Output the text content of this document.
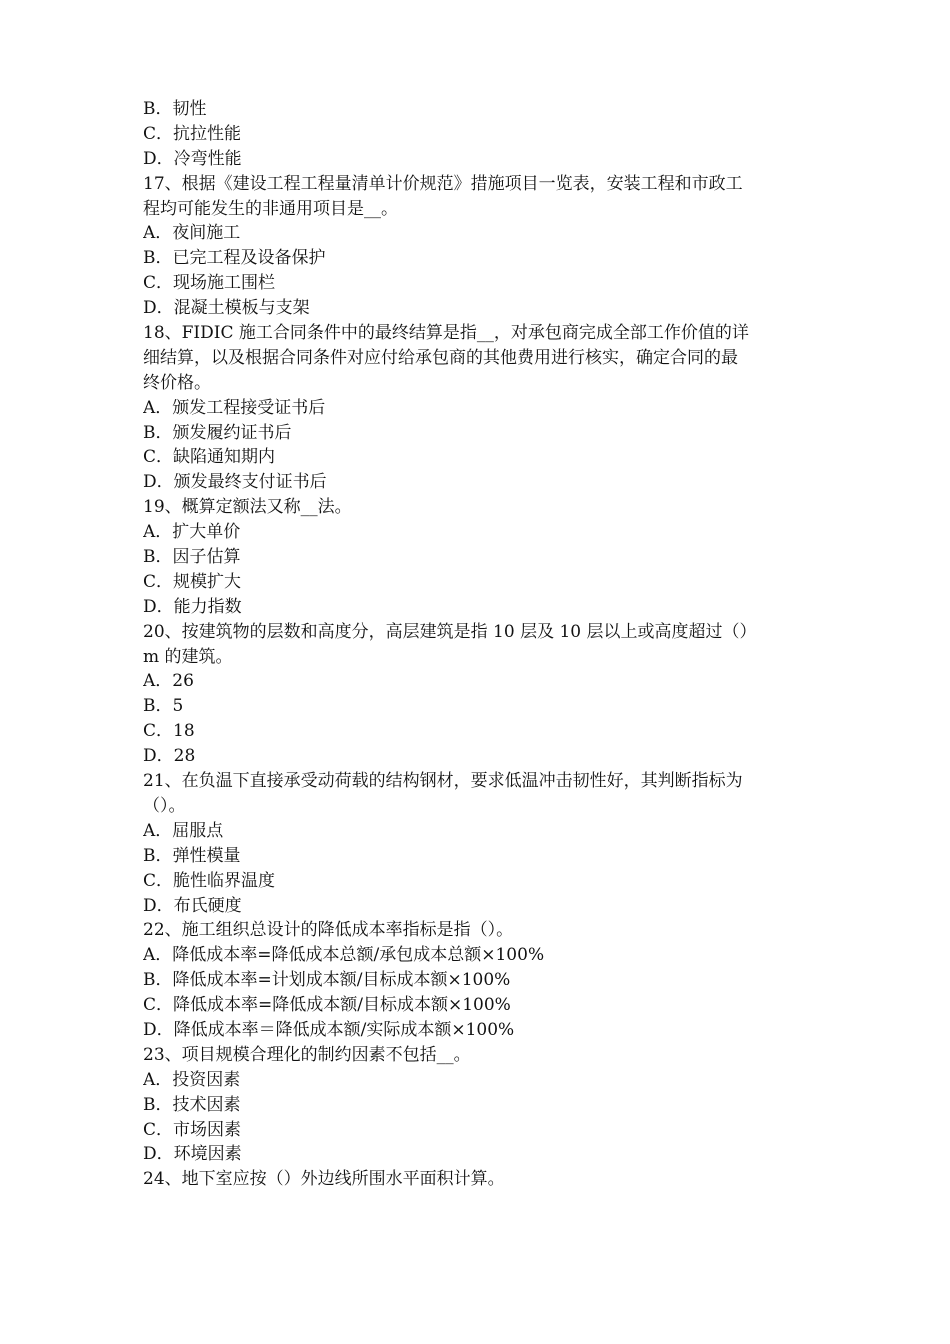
B．韧性
C．抗拉性能
D．冷弯性能
17、根据《建设工程工程量清单计价规范》措施项目一览表，安装工程和市政工
程均可能发生的非通用项目是__。
A．夜间施工
B．已完工程及设备保护
C．现场施工围栏
D．混凝土模板与支架
18、FIDIC 施工合同条件中的最终结算是指__，对承包商完成全部工作价值的详
细结算，以及根据合同条件对应付给承包商的其他费用进行核实，确定合同的最
终价格。
A．颁发工程接受证书后
B．颁发履约证书后
C．缺陷通知期内
D．颁发最终支付证书后
19、概算定额法又称__法。
A．扩大单价
B．因子估算
C．规模扩大
D．能力指数
20、按建筑物的层数和高度分，高层建筑是指 10 层及 10 层以上或高度超过（）
m 的建筑。
A．26
B．5
C．18
D．28
21、在负温下直接承受动荷载的结构钢材，要求低温冲击韧性好，其判断指标为
（）。
A．屈服点
B．弹性模量
C．脆性临界温度
D．布氏硬度
22、施工组织总设计的降低成本率指标是指（）。
A．降低成本率=降低成本总额/承包成本总额×100%
B．降低成本率=计划成本额/目标成本额×100%
C．降低成本率=降低成本额/目标成本额×100%
D．降低成本率＝降低成本额/实际成本额×100%
23、项目规模合理化的制约因素不包括__。
A．投资因素
B．技术因素
C．市场因素
D．环境因素
24、地下室应按（）外边线所围水平面积计算。
